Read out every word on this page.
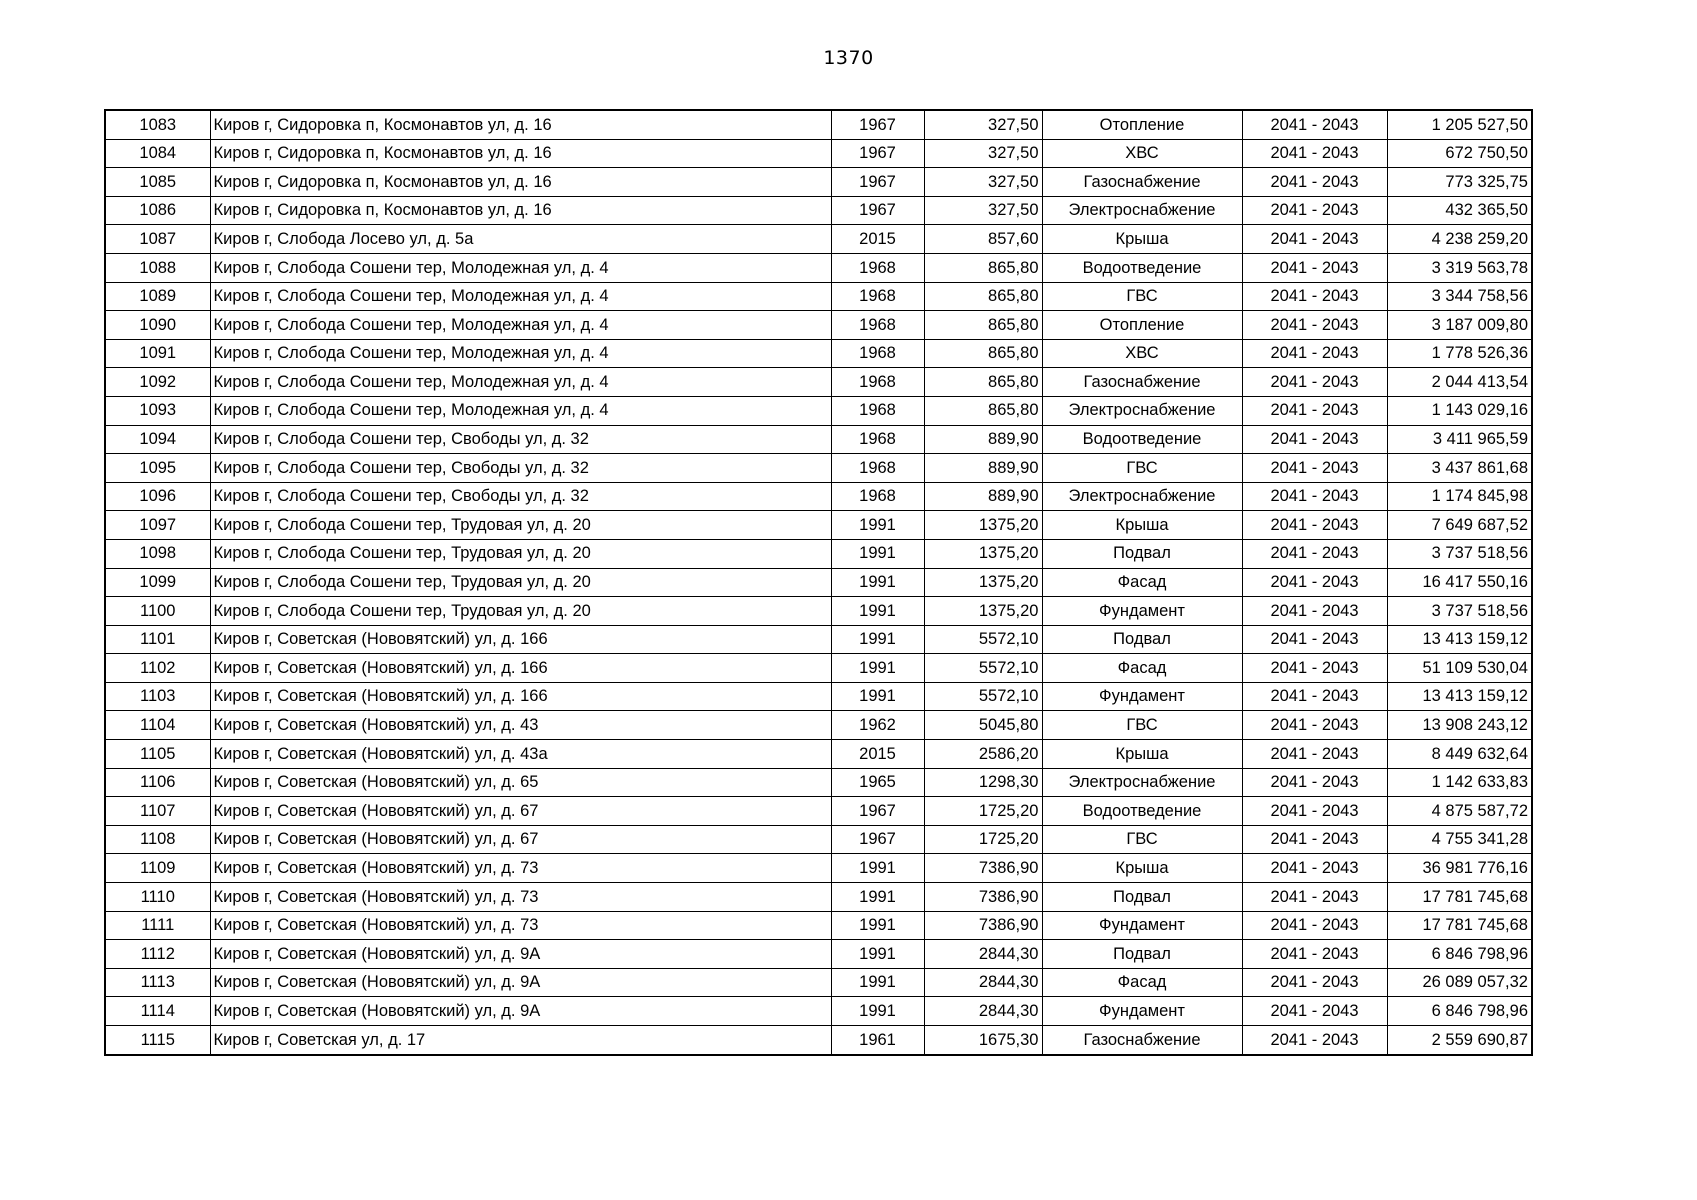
1370
1083	Киров г, Сидоровка п, Космонавтов ул, д. 16	1967	327,50	Отопление	2041 - 2043	1 205 527,50
1084	Киров г, Сидоровка п, Космонавтов ул, д. 16	1967	327,50	ХВС	2041 - 2043	672 750,50
1085	Киров г, Сидоровка п, Космонавтов ул, д. 16	1967	327,50	Газоснабжение	2041 - 2043	773 325,75
1086	Киров г, Сидоровка п, Космонавтов ул, д. 16	1967	327,50	Электроснабжение	2041 - 2043	432 365,50
1087	Киров г, Слобода Лосево ул, д. 5а	2015	857,60	Крыша	2041 - 2043	4 238 259,20
1088	Киров г, Слобода Сошени тер, Молодежная ул, д. 4	1968	865,80	Водоотведение	2041 - 2043	3 319 563,78
1089	Киров г, Слобода Сошени тер, Молодежная ул, д. 4	1968	865,80	ГВС	2041 - 2043	3 344 758,56
1090	Киров г, Слобода Сошени тер, Молодежная ул, д. 4	1968	865,80	Отопление	2041 - 2043	3 187 009,80
1091	Киров г, Слобода Сошени тер, Молодежная ул, д. 4	1968	865,80	ХВС	2041 - 2043	1 778 526,36
1092	Киров г, Слобода Сошени тер, Молодежная ул, д. 4	1968	865,80	Газоснабжение	2041 - 2043	2 044 413,54
1093	Киров г, Слобода Сошени тер, Молодежная ул, д. 4	1968	865,80	Электроснабжение	2041 - 2043	1 143 029,16
1094	Киров г, Слобода Сошени тер, Свободы ул, д. 32	1968	889,90	Водоотведение	2041 - 2043	3 411 965,59
1095	Киров г, Слобода Сошени тер, Свободы ул, д. 32	1968	889,90	ГВС	2041 - 2043	3 437 861,68
1096	Киров г, Слобода Сошени тер, Свободы ул, д. 32	1968	889,90	Электроснабжение	2041 - 2043	1 174 845,98
1097	Киров г, Слобода Сошени тер, Трудовая ул, д. 20	1991	1375,20	Крыша	2041 - 2043	7 649 687,52
1098	Киров г, Слобода Сошени тер, Трудовая ул, д. 20	1991	1375,20	Подвал	2041 - 2043	3 737 518,56
1099	Киров г, Слобода Сошени тер, Трудовая ул, д. 20	1991	1375,20	Фасад	2041 - 2043	16 417 550,16
1100	Киров г, Слобода Сошени тер, Трудовая ул, д. 20	1991	1375,20	Фундамент	2041 - 2043	3 737 518,56
1101	Киров г, Советская (Нововятский) ул, д. 166	1991	5572,10	Подвал	2041 - 2043	13 413 159,12
1102	Киров г, Советская (Нововятский) ул, д. 166	1991	5572,10	Фасад	2041 - 2043	51 109 530,04
1103	Киров г, Советская (Нововятский) ул, д. 166	1991	5572,10	Фундамент	2041 - 2043	13 413 159,12
1104	Киров г, Советская (Нововятский) ул, д. 43	1962	5045,80	ГВС	2041 - 2043	13 908 243,12
1105	Киров г, Советская (Нововятский) ул, д. 43а	2015	2586,20	Крыша	2041 - 2043	8 449 632,64
1106	Киров г, Советская (Нововятский) ул, д. 65	1965	1298,30	Электроснабжение	2041 - 2043	1 142 633,83
1107	Киров г, Советская (Нововятский) ул, д. 67	1967	1725,20	Водоотведение	2041 - 2043	4 875 587,72
1108	Киров г, Советская (Нововятский) ул, д. 67	1967	1725,20	ГВС	2041 - 2043	4 755 341,28
1109	Киров г, Советская (Нововятский) ул, д. 73	1991	7386,90	Крыша	2041 - 2043	36 981 776,16
1110	Киров г, Советская (Нововятский) ул, д. 73	1991	7386,90	Подвал	2041 - 2043	17 781 745,68
1111	Киров г, Советская (Нововятский) ул, д. 73	1991	7386,90	Фундамент	2041 - 2043	17 781 745,68
1112	Киров г, Советская (Нововятский) ул, д. 9А	1991	2844,30	Подвал	2041 - 2043	6 846 798,96
1113	Киров г, Советская (Нововятский) ул, д. 9А	1991	2844,30	Фасад	2041 - 2043	26 089 057,32
1114	Киров г, Советская (Нововятский) ул, д. 9А	1991	2844,30	Фундамент	2041 - 2043	6 846 798,96
1115	Киров г, Советская ул, д. 17	1961	1675,30	Газоснабжение	2041 - 2043	2 559 690,87
